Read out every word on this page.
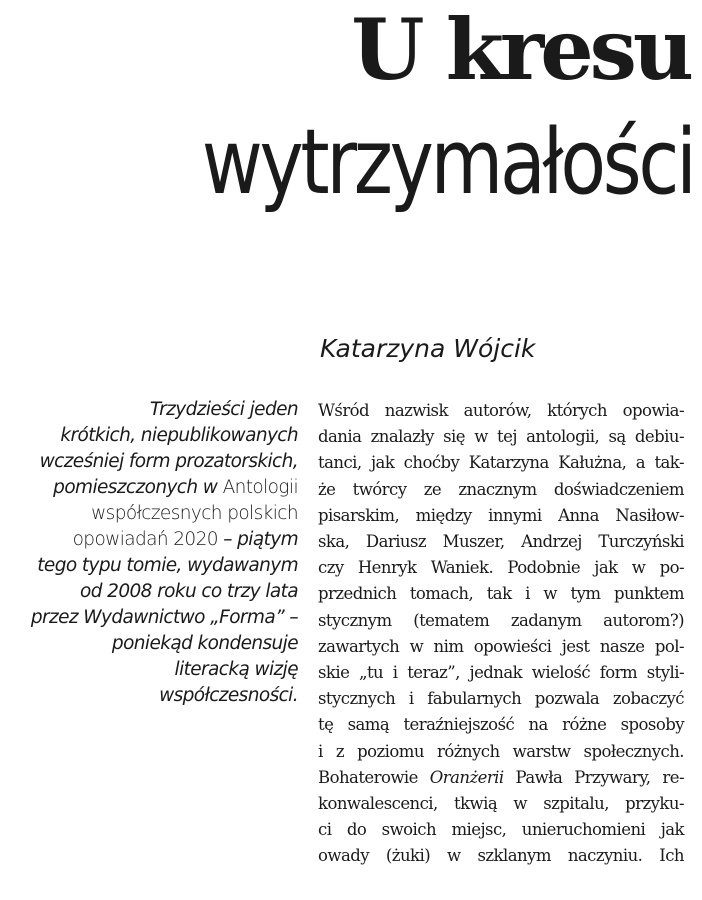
U kresu
wytrzymałości
Katarzyna Wójcik
Trzydzieści jeden
krótkich, niepublikowanych
wcześniej form prozatorskich,
pomieszczonych w Antologii
współczesnych polskich
opowiadań 2020 – piątym
tego typu tomie, wydawanym
od 2008 roku co trzy lata
przez Wydawnictwo „Forma” –
poniekąd kondensuje
literacką wizję
współczesności.
Wśród nazwisk autorów, których opowia-
dania znalazły się w tej antologii, są debiu-
tanci, jak choćby Katarzyna Kałużna, a tak-
że twórcy ze znacznym doświadczeniem
pisarskim, między innymi Anna Nasiłow-
ska, Dariusz Muszer, Andrzej Turczyński
czy Henryk Waniek. Podobnie jak w po-
przednich tomach, tak i w tym punktem
stycznym (tematem zadanym autorom?)
zawartych w nim opowieści jest nasze pol-
skie „tu i teraz”, jednak wielość form styli-
stycznych i fabularnych pozwala zobaczyć
tę samą teraźniejszość na różne sposoby
i z poziomu różnych warstw społecznych.
Bohaterowie Oranżerii Pawła Przywary, re-
konwalescenci, tkwią w szpitalu, przyku-
ci do swoich miejsc, unieruchomieni jak
owady (żuki) w szklanym naczyniu. Ich
